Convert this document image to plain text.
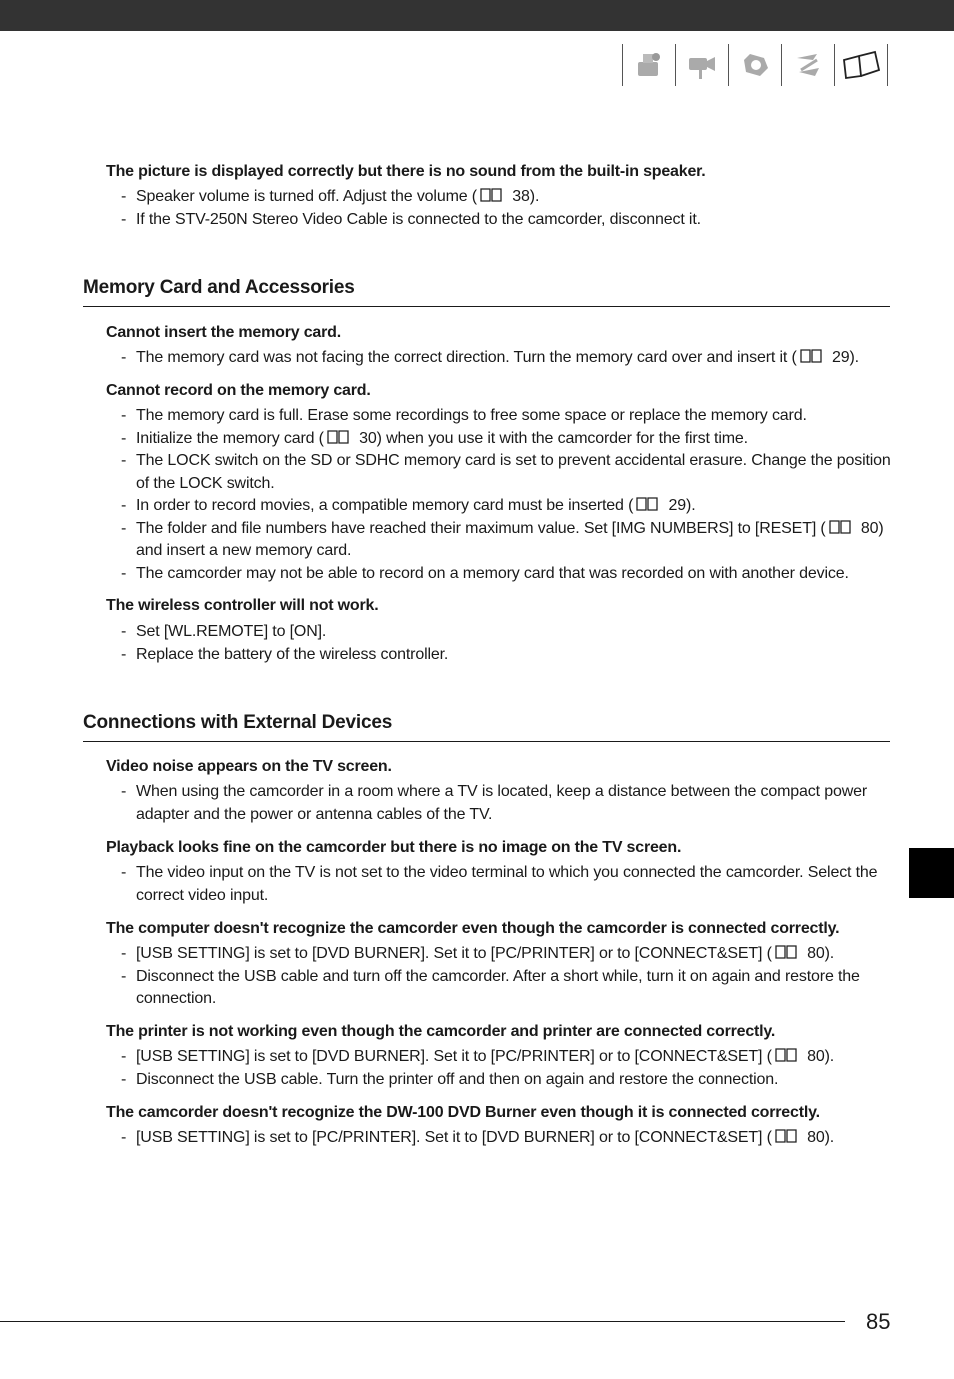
The picture is displayed correctly but there is no sound from the built-in speaker.
- Speaker volume is turned off. Adjust the volume ( 38).
- If the STV-250N Stereo Video Cable is connected to the camcorder, disconnect it.
Memory Card and Accessories
Cannot insert the memory card.
- The memory card was not facing the correct direction. Turn the memory card over and insert it ( 29).
Cannot record on the memory card.
- The memory card is full. Erase some recordings to free some space or replace the memory card.
- Initialize the memory card ( 30) when you use it with the camcorder for the first time.
- The LOCK switch on the SD or SDHC memory card is set to prevent accidental erasure. Change the position of the LOCK switch.
- In order to record movies, a compatible memory card must be inserted ( 29).
- The folder and file numbers have reached their maximum value. Set [IMG NUMBERS] to [RESET] ( 80) and insert a new memory card.
- The camcorder may not be able to record on a memory card that was recorded on with another device.
The wireless controller will not work.
- Set [WL.REMOTE] to [ON].
- Replace the battery of the wireless controller.
Connections with External Devices
Video noise appears on the TV screen.
- When using the camcorder in a room where a TV is located, keep a distance between the compact power adapter and the power or antenna cables of the TV.
Playback looks fine on the camcorder but there is no image on the TV screen.
- The video input on the TV is not set to the video terminal to which you connected the camcorder. Select the correct video input.
The computer doesn't recognize the camcorder even though the camcorder is connected correctly.
- [USB SETTING] is set to [DVD BURNER]. Set it to [PC/PRINTER] or to [CONNECT&SET] ( 80).
- Disconnect the USB cable and turn off the camcorder. After a short while, turn it on again and restore the connection.
The printer is not working even though the camcorder and printer are connected correctly.
- [USB SETTING] is set to [DVD BURNER]. Set it to [PC/PRINTER] or to [CONNECT&SET] ( 80).
- Disconnect the USB cable. Turn the printer off and then on again and restore the connection.
The camcorder doesn't recognize the DW-100 DVD Burner even though it is connected correctly.
- [USB SETTING] is set to [PC/PRINTER]. Set it to [DVD BURNER] or to [CONNECT&SET] ( 80).
85
